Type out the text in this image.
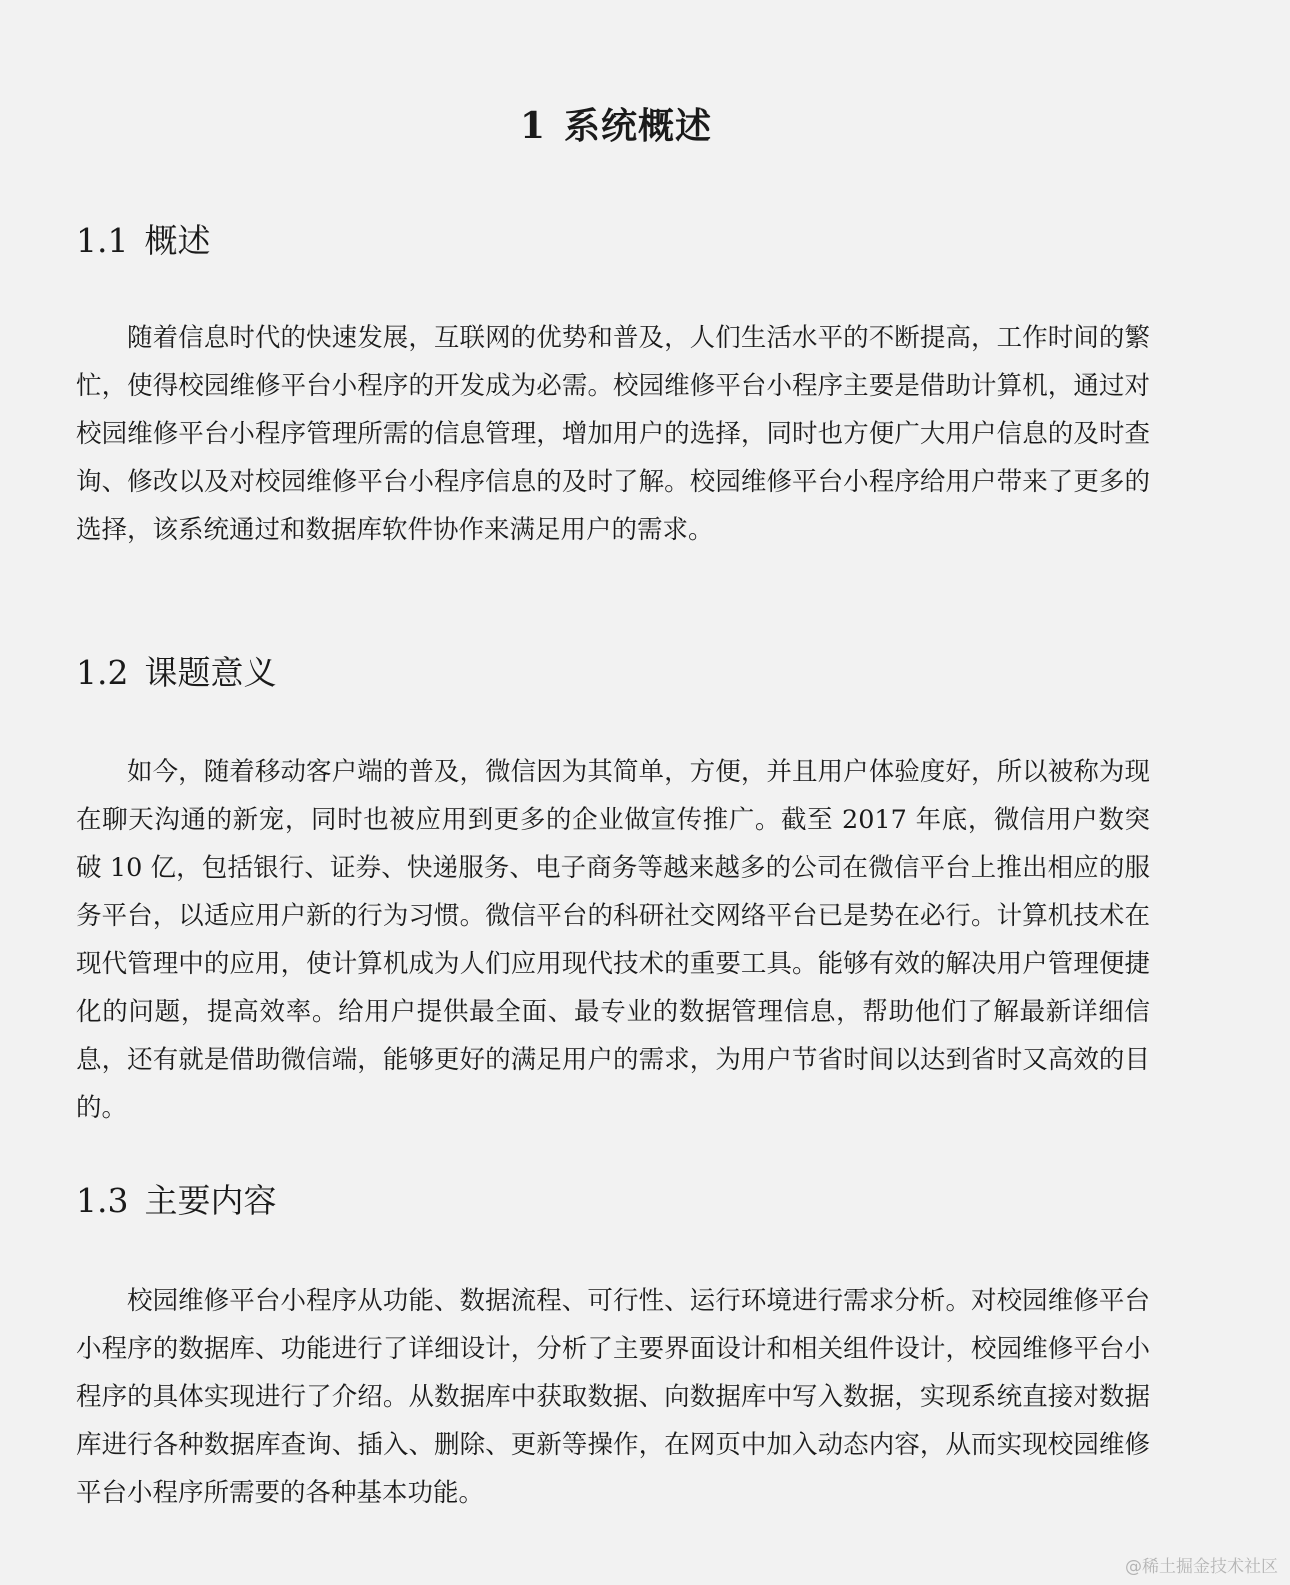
1 系统概述
1.1 概述

随着信息时代的快速发展，互联网的优势和普及，人们生活水平的不断提高，工作时间的繁忙，使得校园维修平台小程序的开发成为必需。校园维修平台小程序主要是借助计算机，通过对校园维修平台小程序管理所需的信息管理，增加用户的选择，同时也方便广大用户信息的及时查询、修改以及对校园维修平台小程序信息的及时了解。校园维修平台小程序给用户带来了更多的选择，该系统通过和数据库软件协作来满足用户的需求。

1.2 课题意义

如今，随着移动客户端的普及，微信因为其简单，方便，并且用户体验度好，所以被称为现在聊天沟通的新宠，同时也被应用到更多的企业做宣传推广。截至 2017 年底，微信用户数突破 10 亿，包括银行、证券、快递服务、电子商务等越来越多的公司在微信平台上推出相应的服务平台，以适应用户新的行为习惯。微信平台的科研社交网络平台已是势在必行。计算机技术在现代管理中的应用，使计算机成为人们应用现代技术的重要工具。能够有效的解决用户管理便捷化的问题，提高效率。给用户提供最全面、最专业的数据管理信息，帮助他们了解最新详细信息，还有就是借助微信端，能够更好的满足用户的需求，为用户节省时间以达到省时又高效的目的。

1.3 主要内容

校园维修平台小程序从功能、数据流程、可行性、运行环境进行需求分析。对校园维修平台小程序的数据库、功能进行了详细设计，分析了主要界面设计和相关组件设计，校园维修平台小程序的具体实现进行了介绍。从数据库中获取数据、向数据库中写入数据，实现系统直接对数据库进行各种数据库查询、插入、删除、更新等操作，在网页中加入动态内容，从而实现校园维修平台小程序所需要的各种基本功能。

@稀土掘金技术社区
